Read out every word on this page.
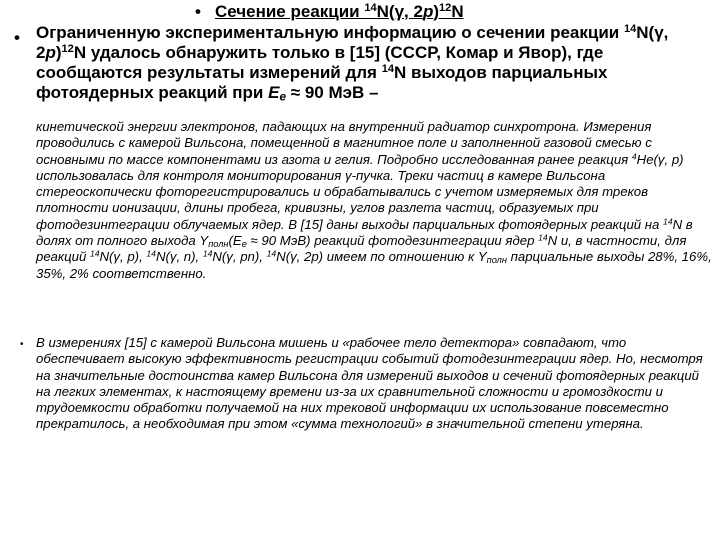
• Сечение реакции $^{14}$N(γ, 2p)$^{12}$N
• Ограниченную экспериментальную информацию о сечении реакции $^{14}$N(γ, 2p)$^{12}$N удалось обнаружить только в [15] (СССР, Комар и Явор), где сообщаются результаты измерений для $^{14}$N выходов парциальных фотоядерных реакций при $E_e \approx 90$ МэВ –
кинетической энергии электронов, падающих на внутренний радиатор синхротрона. Измерения проводились с камерой Вильсона, помещенной в магнитное поле и заполненной газовой смесью с основными по массе компонентами из азота и гелия. Подробно исследованная ранее реакция $^4$He(γ, p) использовалась для контроля мониторирования γ-пучка. Треки частиц в камере Вильсона стереоскопически фоторегистрировались и обрабатывались с учетом измеряемых для треков плотности ионизации, длины пробега, кривизны, углов разлета частиц, образуемых при фотодезинтеграции облучаемых ядер. В [15] даны выходы парциальных фотоядерных реакций на $^{14}$N в долях от полного выхода $Y_{полн}(E_e \approx 90$ МэВ) реакций фотодезинтеграции ядер $^{14}$N и, в частности, для реакций $^{14}$N(γ, p), $^{14}$N(γ, n), $^{14}$N(γ, pn), $^{14}$N(γ, 2p) имеем по отношению к $Y_{полн}$ парциальные выходы 28%, 16%, 35%, 2% соответственно.
• В измерениях [15] с камерой Вильсона мишень и «рабочее тело детектора» совпадают, что обеспечивает высокую эффективность регистрации событий фотодезинтеграции ядер. Но, несмотря на значительные достоинства камер Вильсона для измерений выходов и сечений фотоядерных реакций на легких элементах, к настоящему времени из-за их сравнительной сложности и громоздкости и трудоемкости обработки получаемой на них трековой информации их использование повсеместно прекратилось, а необходимая при этом «сумма технологий» в значительной степени утеряна.
